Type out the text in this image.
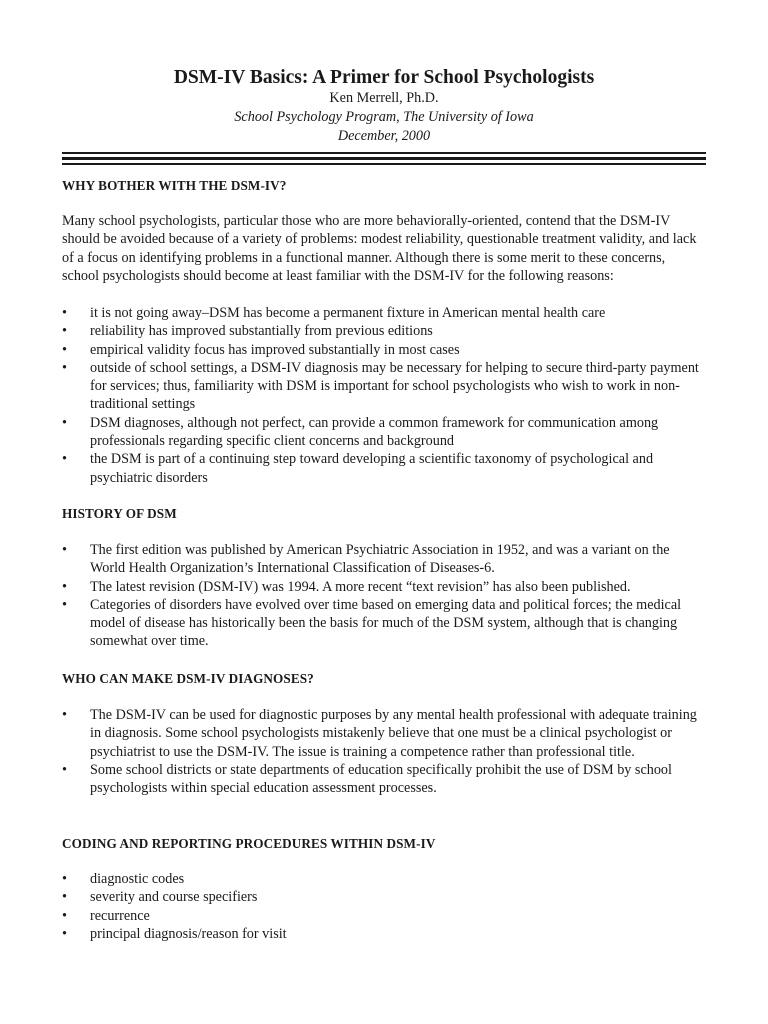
DSM-IV Basics: A Primer for School Psychologists
Ken Merrell, Ph.D.
School Psychology Program, The University of Iowa
December, 2000
WHY BOTHER WITH THE DSM-IV?

Many school psychologists, particular those who are more behaviorally-oriented, contend that the DSM-IV should be avoided because of a variety of problems: modest reliability, questionable treatment validity, and lack of a focus on identifying problems in a functional manner. Although there is some merit to these concerns, school psychologists should become at least familiar with the DSM-IV for the following reasons:

• it is not going away–DSM has become a permanent fixture in American mental health care
• reliability has improved substantially from previous editions
• empirical validity focus has improved substantially in most cases
• outside of school settings, a DSM-IV diagnosis may be necessary for helping to secure third-party payment for services; thus, familiarity with DSM is important for school psychologists who wish to work in non-traditional settings
• DSM diagnoses, although not perfect, can provide a common framework for communication among professionals regarding specific client concerns and background
• the DSM is part of a continuing step toward developing a scientific taxonomy of psychological and psychiatric disorders
HISTORY OF DSM
• The first edition was published by American Psychiatric Association in 1952, and was a variant on the World Health Organization’s International Classification of Diseases-6.
• The latest revision (DSM-IV) was 1994. A more recent “text revision” has also been published.
• Categories of disorders have evolved over time based on emerging data and political forces; the medical model of disease has historically been the basis for much of the DSM system, although that is changing somewhat over time.
WHO CAN MAKE DSM-IV DIAGNOSES?
• The DSM-IV can be used for diagnostic purposes by any mental health professional with adequate training in diagnosis. Some school psychologists mistakenly believe that one must be a clinical psychologist or psychiatrist to use the DSM-IV. The issue is training a competence rather than professional title.
• Some school districts or state departments of education specifically prohibit the use of DSM by school psychologists within special education assessment processes.
CODING AND REPORTING PROCEDURES WITHIN DSM-IV
• diagnostic codes
• severity and course specifiers
• recurrence
• principal diagnosis/reason for visit
